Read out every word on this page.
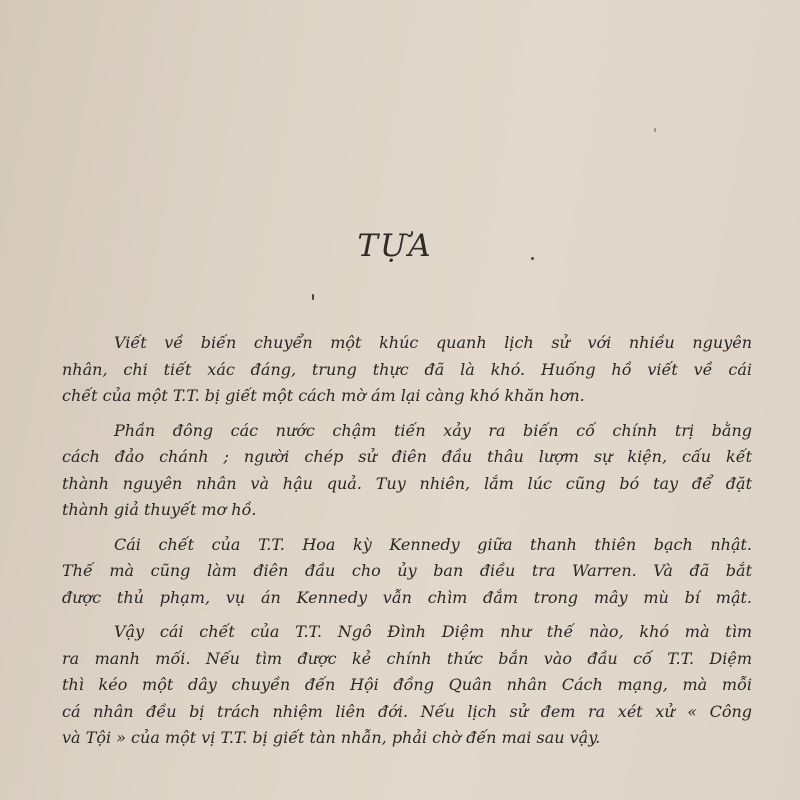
TỰA
Viết về biến chuyển một khúc quanh lịch sử với nhiều nguyên
nhân, chi tiết xác đáng, trung thực đã là khó. Huống hồ viết về cái
chết của một T.T. bị giết một cách mờ ám lại càng khó khăn hơn.
Phần đông các nước chậm tiến xảy ra biến cố chính trị bằng
cách đảo chánh ; người chép sử điên đầu thâu lượm sự kiện, cấu kết
thành nguyên nhân và hậu quả. Tuy nhiên, lắm lúc cũng bó tay để đặt
thành giả thuyết mơ hồ.
Cái chết của T.T. Hoa kỳ Kennedy giữa thanh thiên bạch nhật.
Thế mà cũng làm điên đầu cho ủy ban điều tra Warren. Và đã bắt
được thủ phạm, vụ án Kennedy vẫn chìm đắm trong mây mù bí mật.
Vậy cái chết của T.T. Ngô Đình Diệm như thế nào, khó mà tìm
ra manh mối. Nếu tìm được kẻ chính thức bắn vào đầu cố T.T. Diệm
thì kéo một dây chuyền đến Hội đồng Quân nhân Cách mạng, mà mỗi
cá nhân đều bị trách nhiệm liên đới. Nếu lịch sử đem ra xét xử « Công
và Tội » của một vị T.T. bị giết tàn nhẫn, phải chờ đến mai sau vậy.
